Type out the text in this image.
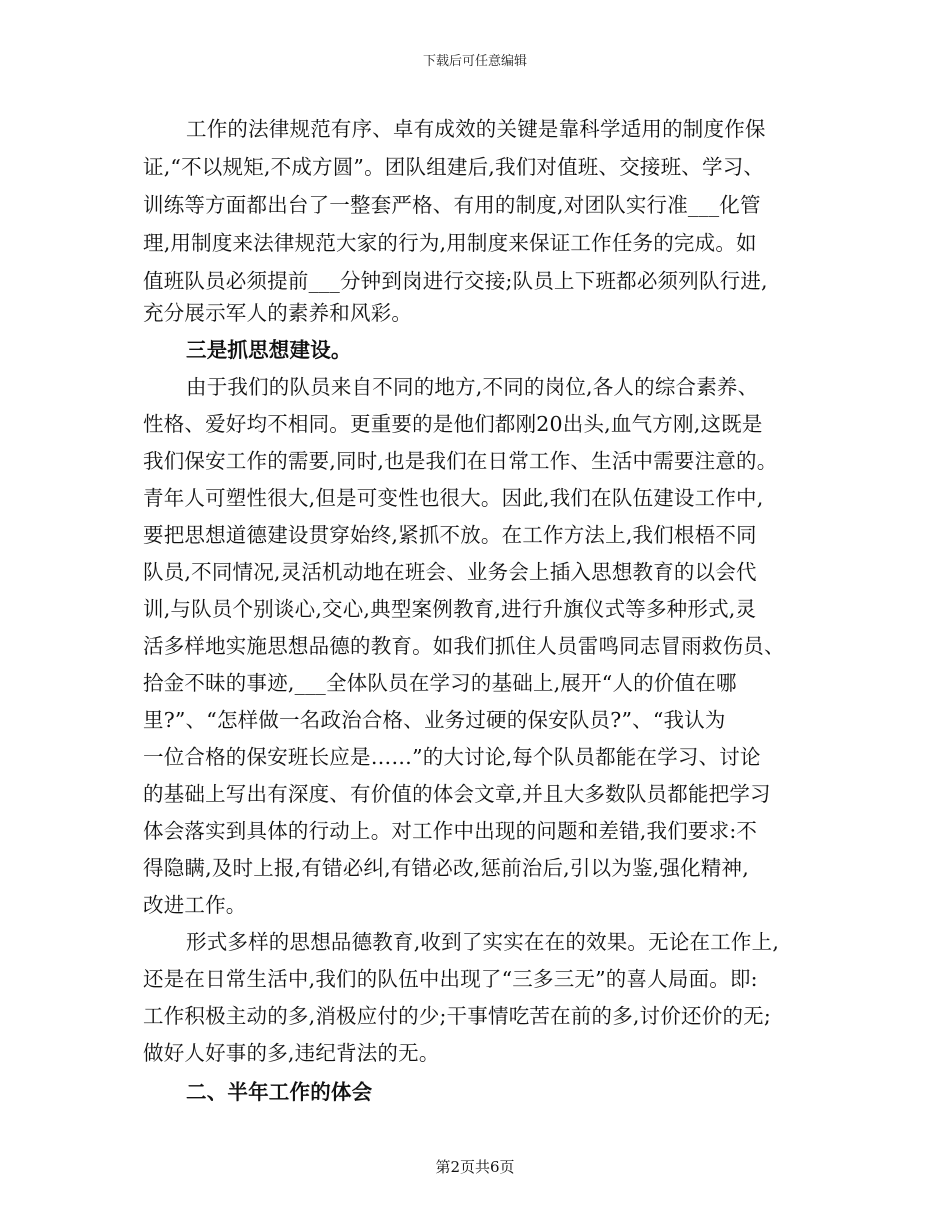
下载后可任意编辑
工作的法律规范有序、卓有成效的关键是靠科学适用的制度作保
证,“不以规矩,不成方圆”。团队组建后,我们对值班、交接班、学习、
训练等方面都出台了一整套严格、有用的制度,对团队实行准___化管
理,用制度来法律规范大家的行为,用制度来保证工作任务的完成。如
值班队员必须提前___分钟到岗进行交接;队员上下班都必须列队行进,
充分展示军人的素养和风彩。
三是抓思想建设。
由于我们的队员来自不同的地方,不同的岗位,各人的综合素养、
性格、爱好均不相同。更重要的是他们都刚20出头,血气方刚,这既是
我们保安工作的需要,同时,也是我们在日常工作、生活中需要注意的。
青年人可塑性很大,但是可变性也很大。因此,我们在队伍建设工作中,
要把思想道德建设贯穿始终,紧抓不放。在工作方法上,我们根梧不同
队员,不同情况,灵活机动地在班会、业务会上插入思想教育的以会代
训,与队员个别谈心,交心,典型案例教育,进行升旗仪式等多种形式,灵
活多样地实施思想品德的教育。如我们抓住人员雷鸣同志冒雨救伤员、
拾金不昧的事迹,___全体队员在学习的基础上,展开“人的价值在哪
里?”、“怎样做一名政治合格、业务过硬的保安队员?”、“我认为
一位合格的保安班长应是……”的大讨论,每个队员都能在学习、讨论
的基础上写出有深度、有价值的体会文章,并且大多数队员都能把学习
体会落实到具体的行动上。对工作中出现的问题和差错,我们要求:不
得隐瞒,及时上报,有错必纠,有错必改,惩前治后,引以为鉴,强化精神,
改进工作。
形式多样的思想品德教育,收到了实实在在的效果。无论在工作上,
还是在日常生活中,我们的队伍中出现了“三多三无”的喜人局面。即:
工作积极主动的多,消极应付的少;干事情吃苦在前的多,讨价还价的无;
做好人好事的多,违纪背法的无。
二、半年工作的体会
第2页共6页
